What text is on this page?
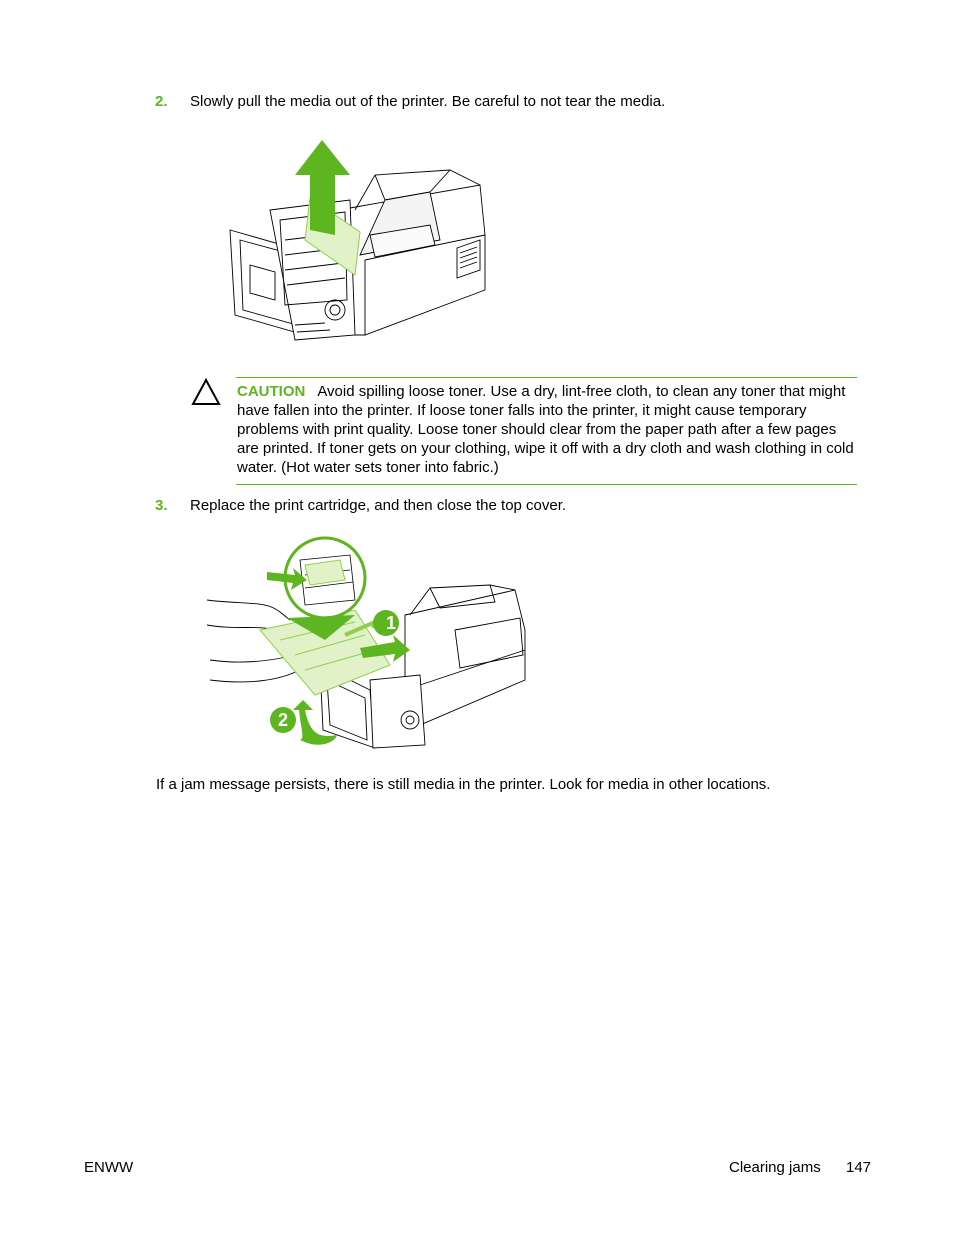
2. Slowly pull the media out of the printer. Be careful to not tear the media.
CAUTION Avoid spilling loose toner. Use a dry, lint-free cloth, to clean any toner that might have fallen into the printer. If loose toner falls into the printer, it might cause temporary problems with print quality. Loose toner should clear from the paper path after a few pages are printed. If toner gets on your clothing, wipe it off with a dry cloth and wash clothing in cold water. (Hot water sets toner into fabric.)
3. Replace the print cartridge, and then close the top cover.
1
2
If a jam message persists, there is still media in the printer. Look for media in other locations.
ENWW	Clearing jams 147
